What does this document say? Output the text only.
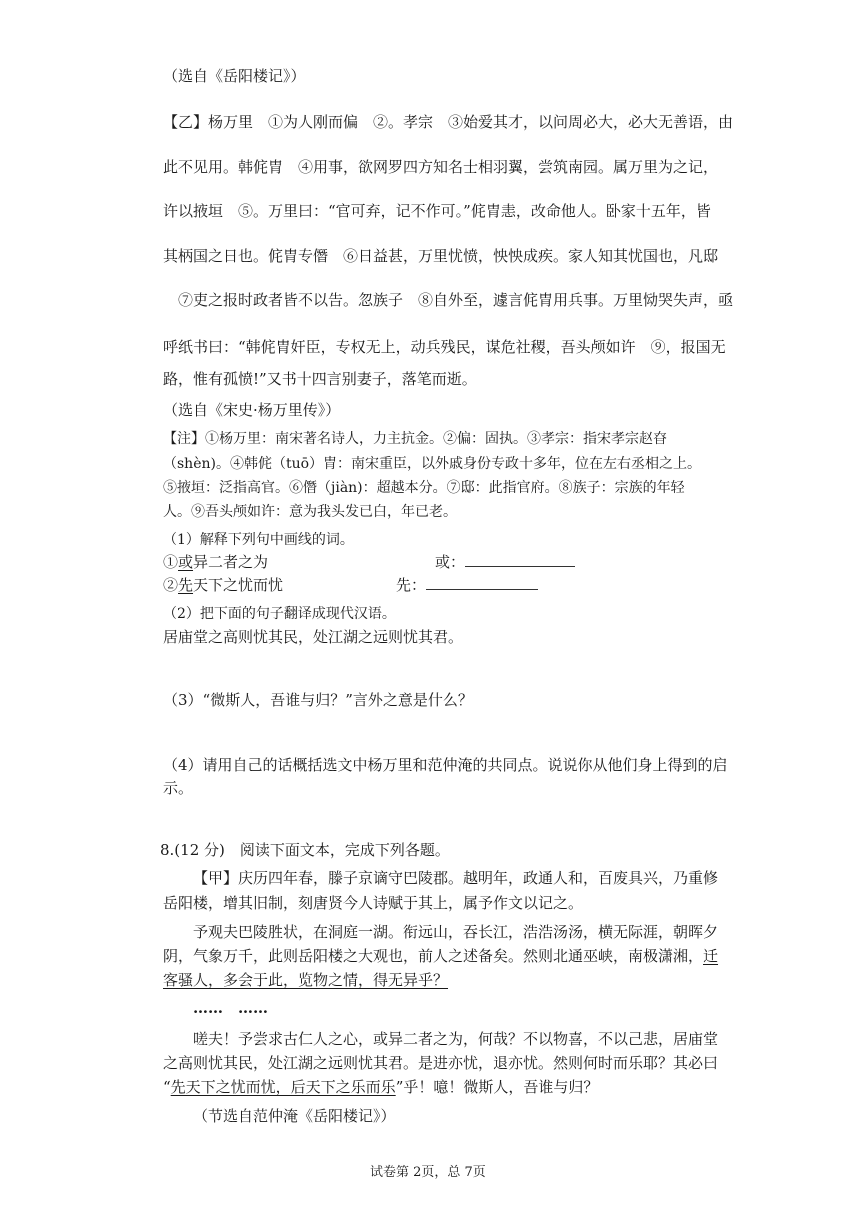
（选自《岳阳楼记》）
【乙】杨万里　①为人刚而偏　②。孝宗　③始爱其才，以问周必大，必大无善语，由
此不见用。韩侂胄　④用事，欲网罗四方知名士相羽翼，尝筑南园。属万里为之记，
许以掖垣　⑤。万里曰：“官可弃，记不作可。”侂胄恚，改命他人。卧家十五年，皆
其柄国之日也。侂胄专僭　⑥日益甚，万里忧愤，怏怏成疾。家人知其忧国也，凡邸
　⑦吏之报时政者皆不以告。忽族子　⑧自外至，遽言侂胄用兵事。万里恸哭失声，亟
呼纸书曰：“韩侂胄奸臣，专权无上，动兵残民，谋危社稷，吾头颅如许　⑨，报国无
路，惟有孤愤!”又书十四言别妻子，落笔而逝。
（选自《宋史·杨万里传》）
【注】①杨万里：南宋著名诗人，力主抗金。②偏：固执。③孝宗：指宋孝宗赵昚
（shèn)。④韩侂（tuō）胄：南宋重臣，以外戚身份专政十多年，位在左右丞相之上。
⑤掖垣：泛指高官。⑥僭（jiàn)：超越本分。⑦邸：此指官府。⑧族子：宗族的年轻
人。⑨吾头颅如许：意为我头发已白，年已老。
（1）解释下列句中画线的词。
①或异二者之为	或：
②先天下之忧而忧	先：
（2）把下面的句子翻译成现代汉语。
居庙堂之高则忧其民，处江湖之远则忧其君。
（3）“微斯人，吾谁与归？”言外之意是什么？
（4）请用自己的话概括选文中杨万里和范仲淹的共同点。说说你从他们身上得到的启
示。
8.(12 分)　阅读下面文本，完成下列各题。
【甲】庆历四年春，滕子京谪守巴陵郡。越明年，政通人和，百废具兴，乃重修
岳阳楼，增其旧制，刻唐贤今人诗赋于其上，属予作文以记之。
予观夫巴陵胜状，在洞庭一湖。衔远山，吞长江，浩浩汤汤，横无际涯，朝晖夕
阴，气象万千，此则岳阳楼之大观也，前人之述备矣。然则北通巫峡，南极潇湘，迁
客骚人，多会于此，览物之情，得无异乎？
……　……
嗟夫！予尝求古仁人之心，或异二者之为，何哉？不以物喜，不以己悲，居庙堂
之高则忧其民，处江湖之远则忧其君。是进亦忧，退亦忧。然则何时而乐耶？其必曰
“先天下之忧而忧，后天下之乐而乐”乎！噫！微斯人，吾谁与归？
（节选自范仲淹《岳阳楼记》）
试卷第 2页，总 7页
